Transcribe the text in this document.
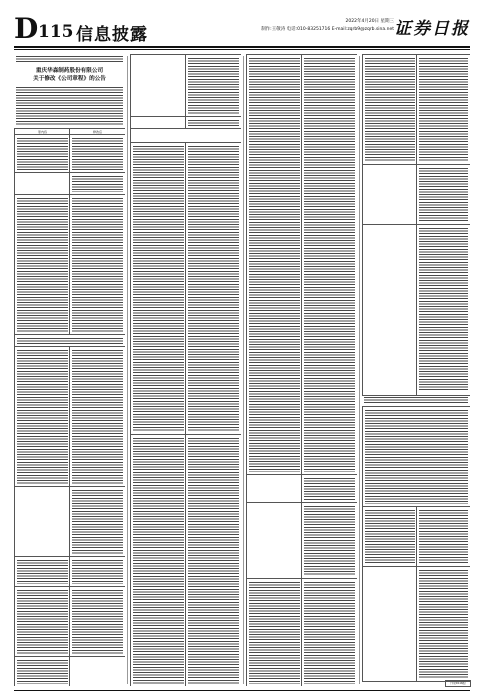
D 115 信息披露
2022年4月20日 星期三
制作:王敬涛 电话:010-83251716 E-mail:zqrb9@zqrb.sina.net 证券日报
重庆华森制药股份有限公司
关于修改《公司章程》的公告
原内容	修改后
（下转D116版）
